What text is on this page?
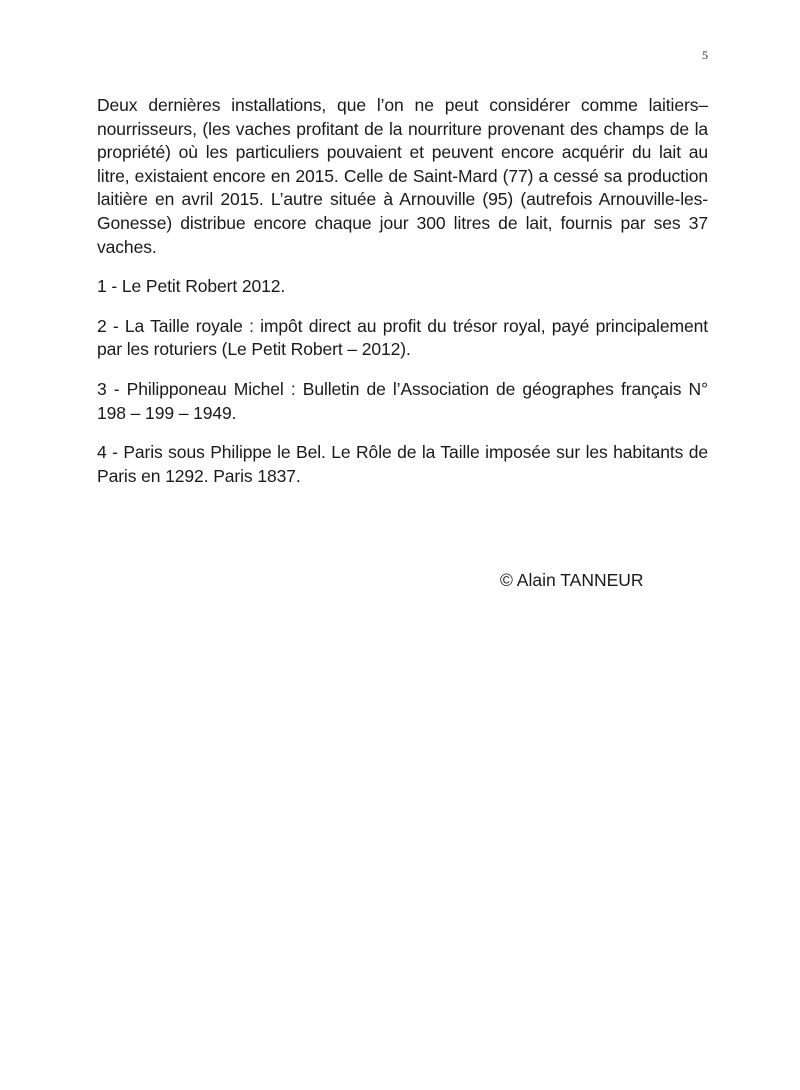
5

Deux dernières installations, que l’on ne peut considérer comme laitiers–nourrisseurs, (les vaches profitant de la nourriture provenant des champs de la propriété) où les particuliers pouvaient et peuvent encore acquérir du lait au litre, existaient encore en 2015. Celle de Saint-Mard (77) a cessé sa production laitière en avril 2015. L’autre située à Arnouville (95) (autrefois Arnouville-les-Gonesse) distribue encore chaque jour 300 litres de lait, fournis par ses 37 vaches.

1 - Le Petit Robert 2012.

2 - La Taille royale : impôt direct au profit du trésor royal, payé principalement par les roturiers (Le Petit Robert – 2012).

3 - Philipponeau Michel : Bulletin de l’Association de géographes français N° 198 – 199 – 1949.

4 - Paris sous Philippe le Bel. Le Rôle de la Taille imposée sur les habitants de Paris en 1292. Paris 1837.

© Alain TANNEUR
